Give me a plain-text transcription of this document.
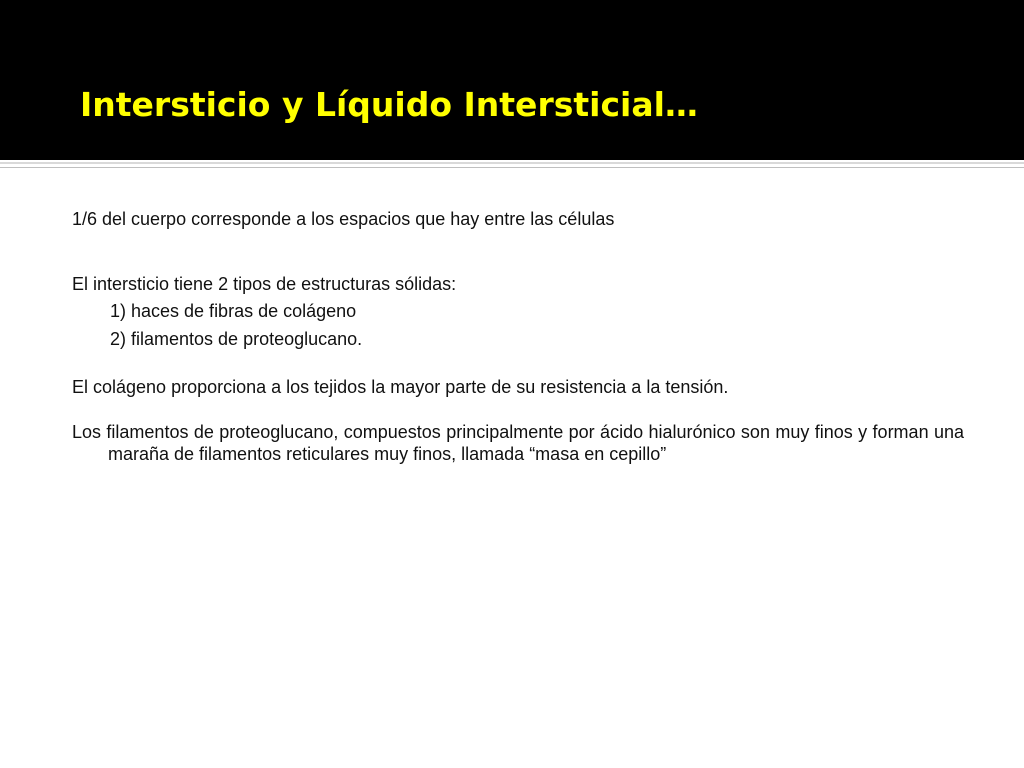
Intersticio y Líquido Intersticial…

1/6 del cuerpo corresponde a los espacios que hay entre las células

El intersticio tiene 2 tipos de estructuras sólidas:

1) haces de fibras de colágeno

2) filamentos de proteoglucano.

El colágeno proporciona a los tejidos la mayor parte de su resistencia a la tensión.

Los filamentos de proteoglucano, compuestos principalmente por ácido hialurónico son muy finos y forman una maraña de filamentos reticulares muy finos, llamada “masa en cepillo”
